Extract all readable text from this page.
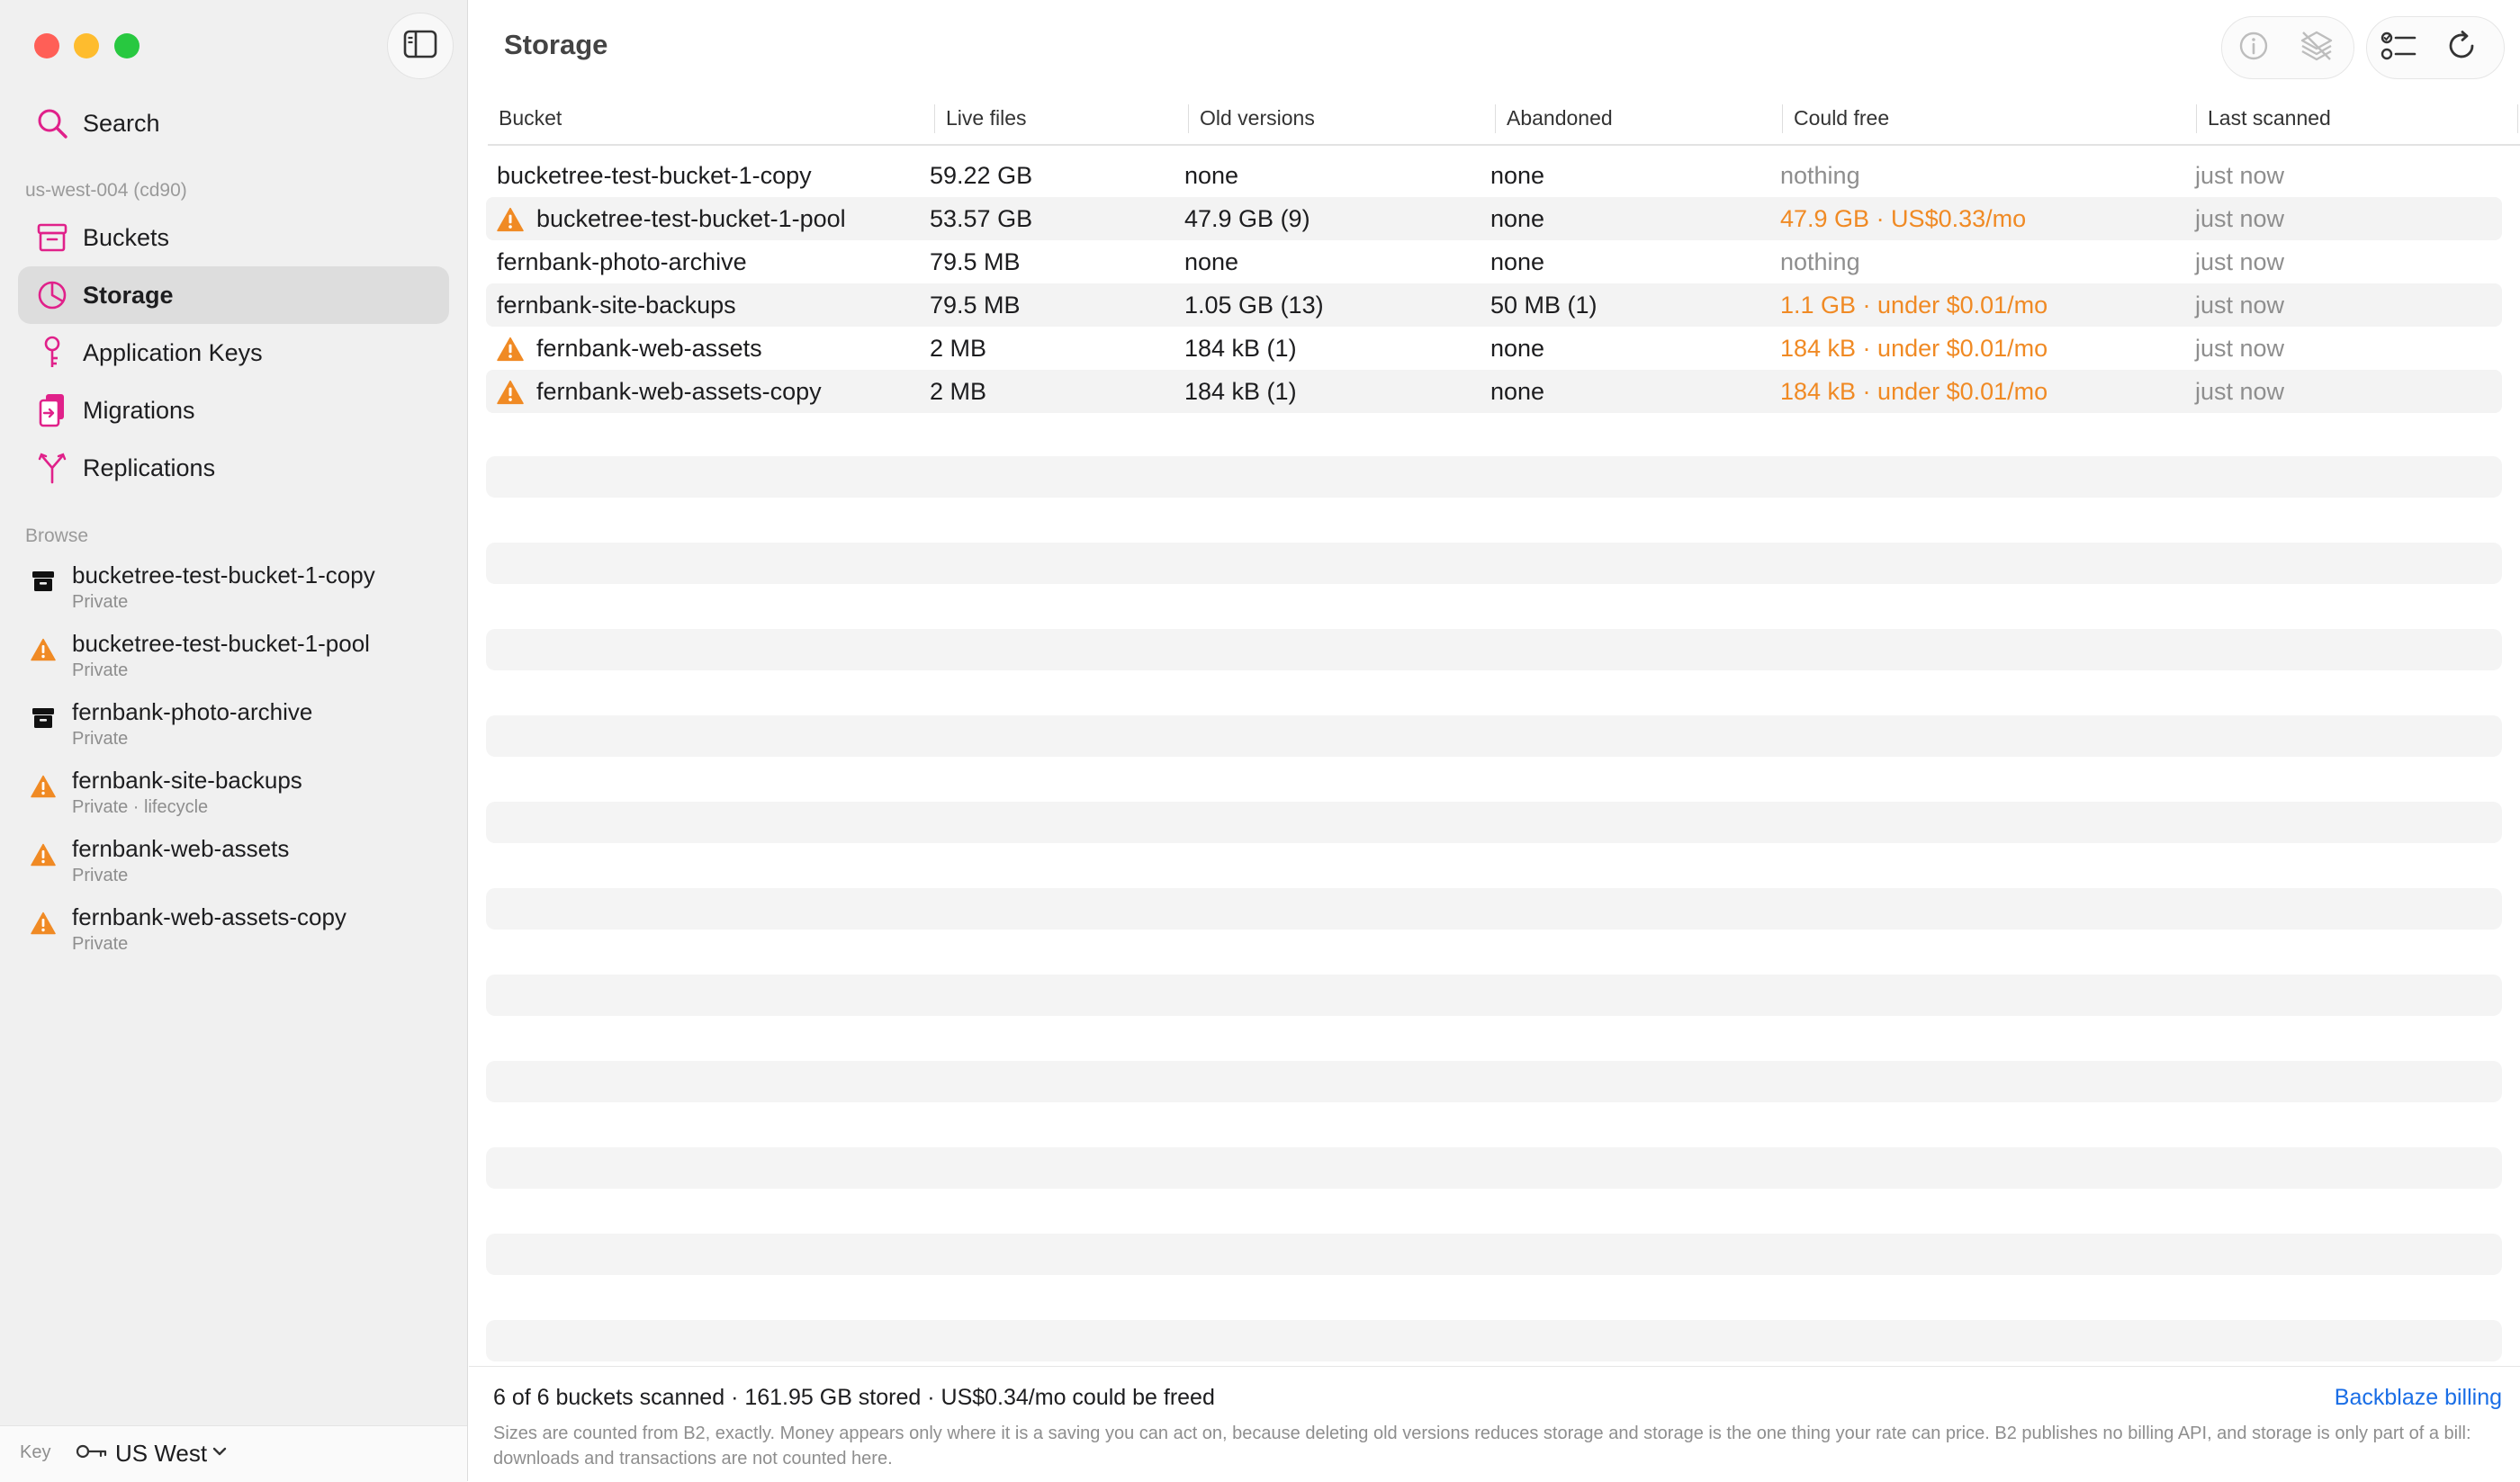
Search
us-west-004 (cd90)
Buckets
Storage
Application Keys
Migrations
Replications
Browse
bucketree-test-bucket-1-copy
Private
bucketree-test-bucket-1-pool
Private
fernbank-photo-archive
Private
fernbank-site-backups
Private · lifecycle
fernbank-web-assets
Private
fernbank-web-assets-copy
Private
Key	US West
Storage
Bucket	Live files	Old versions	Abandoned	Could free	Last scanned
bucketree-test-bucket-1-copy	59.22 GB	none	none	nothing	just now
bucketree-test-bucket-1-pool	53.57 GB	47.9 GB (9)	none	47.9 GB · US$0.33/mo	just now
fernbank-photo-archive	79.5 MB	none	none	nothing	just now
fernbank-site-backups	79.5 MB	1.05 GB (13)	50 MB (1)	1.1 GB · under $0.01/mo	just now
fernbank-web-assets	2 MB	184 kB (1)	none	184 kB · under $0.01/mo	just now
fernbank-web-assets-copy	2 MB	184 kB (1)	none	184 kB · under $0.01/mo	just now
6 of 6 buckets scanned · 161.95 GB stored · US$0.34/mo could be freed	Backblaze billing
Sizes are counted from B2, exactly. Money appears only where it is a saving you can act on, because deleting old versions reduces storage and storage is the one thing your rate can price. B2 publishes no billing API, and storage is only part of a bill: downloads and transactions are not counted here.
